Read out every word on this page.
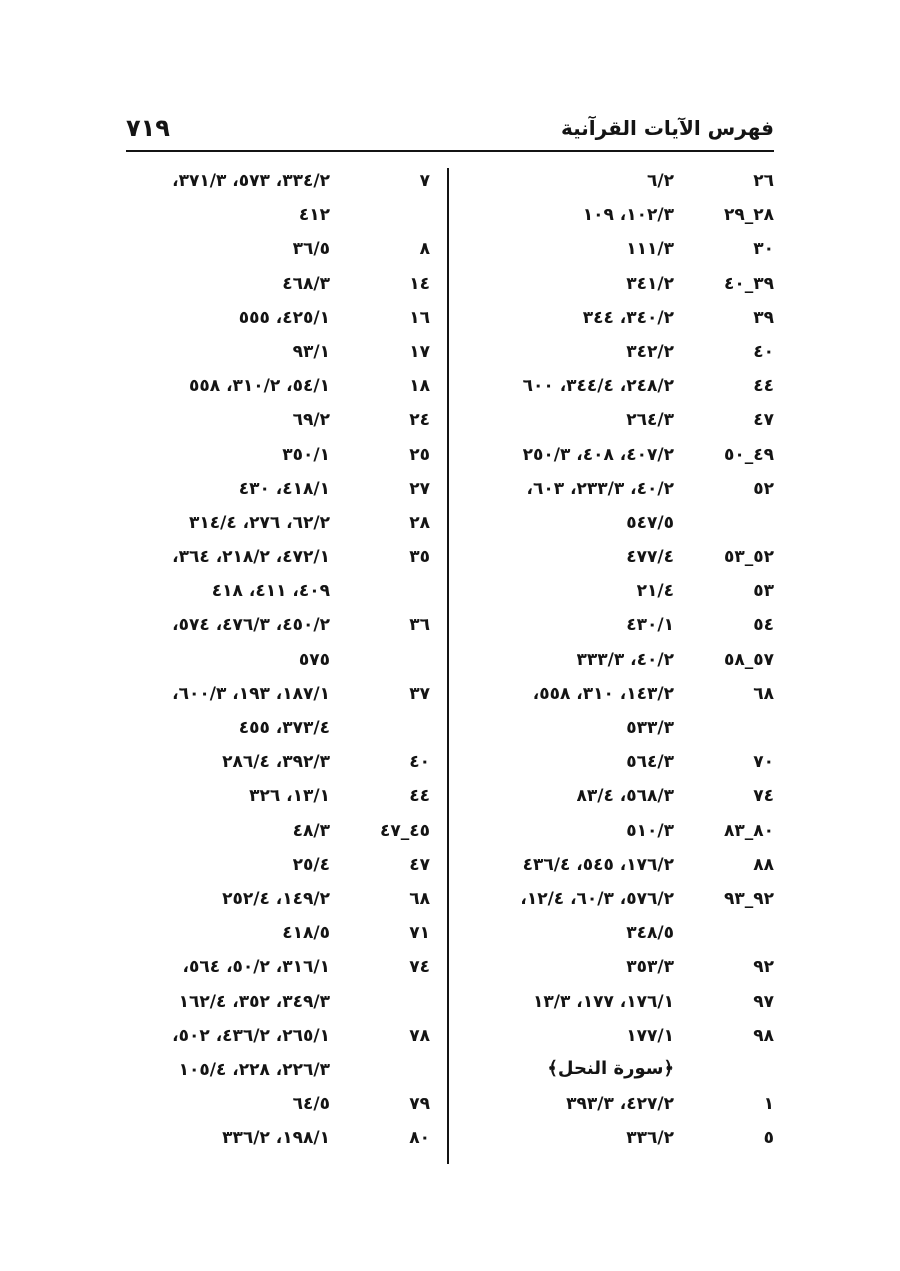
فهرس الآيات القرآنية
٧١٩
٢٦
٦/٢
٢٨_٢٩
١٠٢/٣، ١٠٩
٣٠
١١١/٣
٣٩_٤٠
٣٤١/٢
٣٩
٣٤٠/٢، ٣٤٤
٤٠
٣٤٢/٢
٤٤
٢٤٨/٢، ٣٤٤/٤، ٦٠٠
٤٧
٢٦٤/٣
٤٩_٥٠
٤٠٧/٢، ٤٠٨، ٢٥٠/٣
٥٢
٤٠/٢، ٢٣٣/٣، ٦٠٣،
٥٤٧/٥
٥٢_٥٣
٤٧٧/٤
٥٣
٢١/٤
٥٤
٤٣٠/١
٥٧_٥٨
٤٠/٢، ٣٣٣/٣
٦٨
١٤٣/٢، ٣١٠، ٥٥٨،
٥٣٣/٣
٧٠
٥٦٤/٣
٧٤
٥٦٨/٣، ٨٣/٤
٨٠_٨٣
٥١٠/٣
٨٨
١٧٦/٢، ٥٤٥، ٤٣٦/٤
٩٢_٩٣
٥٧٦/٢، ٦٠/٣، ١٢/٤،
٣٤٨/٥
٩٢
٣٥٣/٣
٩٧
١٧٦/١، ١٧٧، ١٣/٣
٩٨
١٧٧/١
﴿سورة النحل﴾
١
٤٢٧/٢، ٣٩٣/٣
٥
٣٣٦/٢
٧
٣٣٤/٢، ٥٧٣، ٣٧١/٣،
٤١٢
٨
٣٦/٥
١٤
٤٦٨/٣
١٦
٤٢٥/١، ٥٥٥
١٧
٩٣/١
١٨
٥٤/١، ٣١٠/٢، ٥٥٨
٢٤
٦٩/٢
٢٥
٣٥٠/١
٢٧
٤١٨/١، ٤٣٠
٢٨
٦٢/٢، ٢٧٦، ٣١٤/٤
٣٥
٤٧٢/١، ٢١٨/٢، ٣٦٤،
٤٠٩، ٤١١، ٤١٨
٣٦
٤٥٠/٢، ٤٧٦/٣، ٥٧٤،
٥٧٥
٣٧
١٨٧/١، ١٩٣، ٦٠٠/٣،
٣٧٣/٤، ٤٥٥
٤٠
٣٩٢/٣، ٢٨٦/٤
٤٤
١٣/١، ٣٢٦
٤٥_٤٧
٤٨/٣
٤٧
٢٥/٤
٦٨
١٤٩/٢، ٢٥٢/٤
٧١
٤١٨/٥
٧٤
٣١٦/١، ٥٠/٢، ٥٦٤،
٣٤٩/٣، ٣٥٢، ١٦٢/٤
٧٨
٢٦٥/١، ٤٣٦/٢، ٥٠٢،
٢٢٦/٣، ٢٢٨، ١٠٥/٤
٧٩
٦٤/٥
٨٠
١٩٨/١، ٣٣٦/٢
